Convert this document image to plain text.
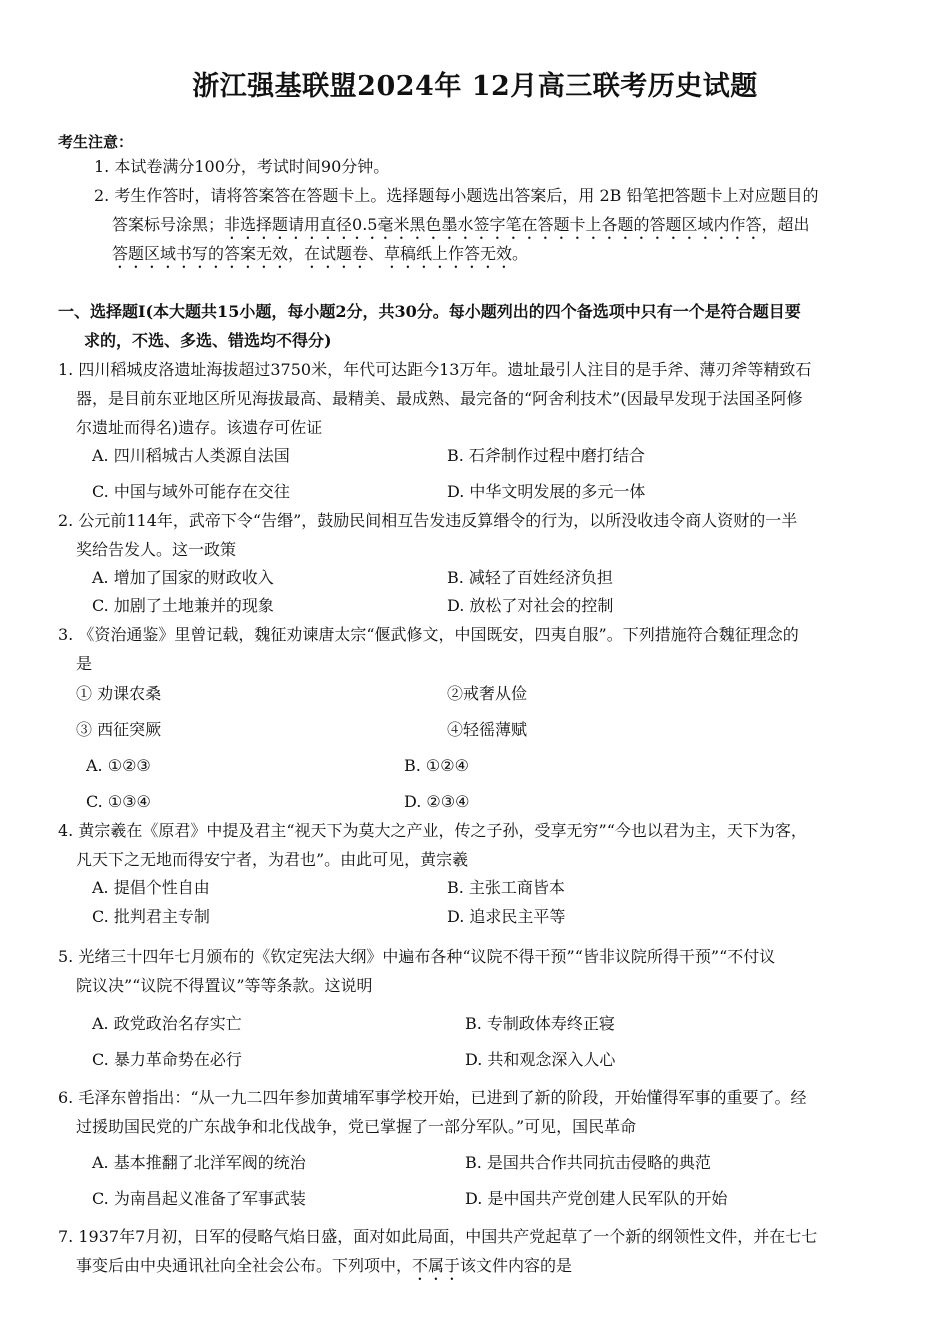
浙江强基联盟2024年 12月高三联考历史试题
考生注意：
1. 本试卷满分100分，考试时间90分钟。
2. 考生作答时，请将答案答在答题卡上。选择题每小题选出答案后，用 2B 铅笔把答题卡上对应题目的
答案标号涂黑；非选择题请用直径0.5毫米黑色墨水签字笔在答题卡上各题的答题区域内作答，超出
答题区域书写的答案无效，在试题卷、草稿纸上作答无效。
一、选择题Ⅰ(本大题共15小题，每小题2分，共30分。每小题列出的四个备选项中只有一个是符合题目要
求的，不选、多选、错选均不得分)
1. 四川稻城皮洛遗址海拔超过3750米，年代可达距今13万年。遗址最引人注目的是手斧、薄刃斧等精致石
器，是目前东亚地区所见海拔最高、最精美、最成熟、最完备的“阿舍利技术”(因最早发现于法国圣阿修
尔遗址而得名)遗存。该遗存可佐证
A. 四川稻城古人类源自法国	B. 石斧制作过程中磨打结合
C. 中国与域外可能存在交往	D. 中华文明发展的多元一体
2. 公元前114年，武帝下令“告缗”，鼓励民间相互告发违反算缗令的行为，以所没收违令商人资财的一半
奖给告发人。这一政策
A. 增加了国家的财政收入	B. 减轻了百姓经济负担
C. 加剧了土地兼并的现象	D. 放松了对社会的控制
3. 《资治通鉴》里曾记载，魏征劝谏唐太宗“偃武修文，中国既安，四夷自服”。下列措施符合魏征理念的
是
① 劝课农桑	②戒奢从俭
③ 西征突厥	④轻徭薄赋
A. ①②③	B. ①②④
C. ①③④	D. ②③④
4. 黄宗羲在《原君》中提及君主“视天下为莫大之产业，传之子孙，受享无穷”“今也以君为主，天下为客，
凡天下之无地而得安宁者，为君也”。由此可见，黄宗羲
A. 提倡个性自由	B. 主张工商皆本
C. 批判君主专制	D. 追求民主平等
5. 光绪三十四年七月颁布的《钦定宪法大纲》中遍布各种“议院不得干预”“皆非议院所得干预”“不付议
院议决”“议院不得置议”等等条款。这说明
A. 政党政治名存实亡	B. 专制政体寿终正寝
C. 暴力革命势在必行	D. 共和观念深入人心
6. 毛泽东曾指出：“从一九二四年参加黄埔军事学校开始，已进到了新的阶段，开始懂得军事的重要了。经
过援助国民党的广东战争和北伐战争，党已掌握了一部分军队。”可见，国民革命
A. 基本推翻了北洋军阀的统治	B. 是国共合作共同抗击侵略的典范
C. 为南昌起义准备了军事武装	D. 是中国共产党创建人民军队的开始
7. 1937年7月初，日军的侵略气焰日盛，面对如此局面，中国共产党起草了一个新的纲领性文件，并在七七
事变后由中央通讯社向全社会公布。下列项中，不属于该文件内容的是
